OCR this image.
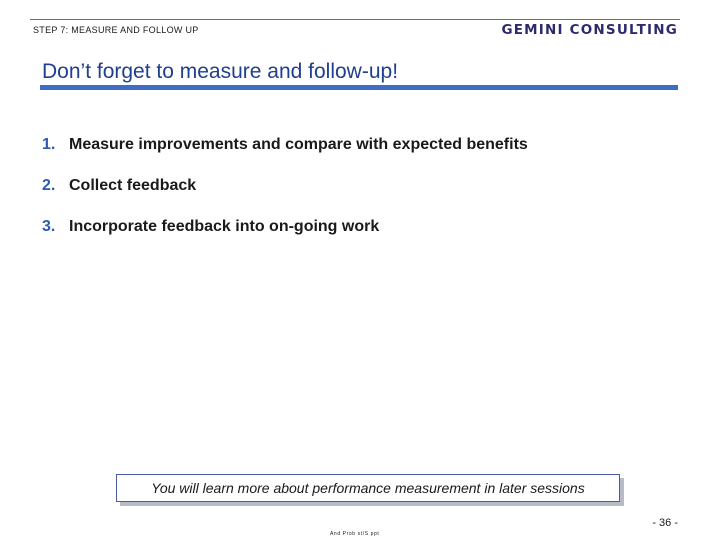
STEP 7: MEASURE AND FOLLOW UP	GEMINI CONSULTING
Don’t forget to measure and follow-up!
1. Measure improvements and compare with expected benefits
2. Collect feedback
3. Incorporate feedback into on-going work
You will learn more about performance measurement in later sessions
- 36 -
And Prob st/S ppt
